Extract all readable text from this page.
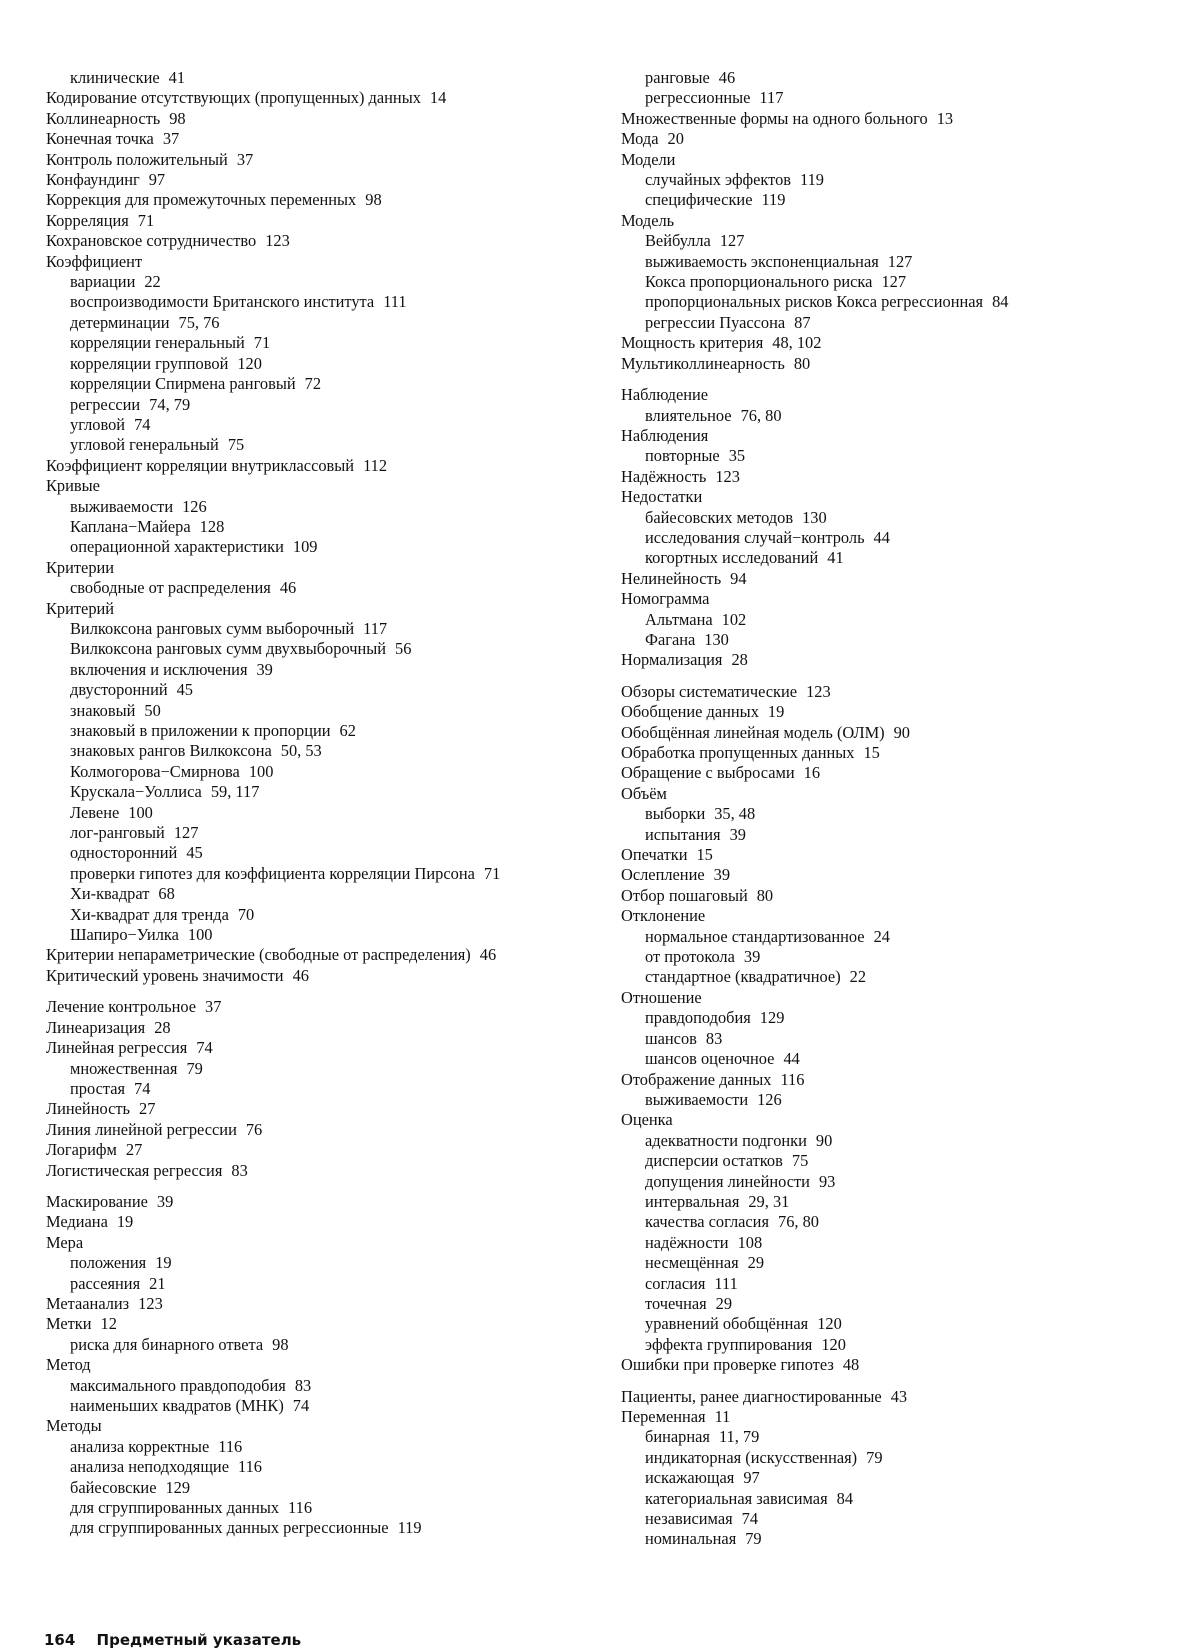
клинические 41
Кодирование отсутствующих (пропущенных) данных 14
Коллинеарность 98
Конечная точка 37
Контроль положительный 37
Конфаундинг 97
Коррекция для промежуточных переменных 98
Корреляция 71
Кохрановское сотрудничество 123
Коэффициент
вариации 22
воспроизводимости Британского института 111
детерминации 75, 76
корреляции генеральный 71
корреляции групповой 120
корреляции Спирмена ранговый 72
регрессии 74, 79
угловой 74
угловой генеральный 75
Коэффициент корреляции внутриклассовый 112
Кривые
выживаемости 126
Каплана−Майера 128
операционной характеристики 109
Критерии
свободные от распределения 46
Критерий
Вилкоксона ранговых сумм выборочный 117
Вилкоксона ранговых сумм двухвыборочный 56
включения и исключения 39
двусторонний 45
знаковый 50
знаковый в приложении к пропорции 62
знаковых рангов Вилкоксона 50, 53
Колмогорова−Смирнова 100
Крускала−Уоллиса 59, 117
Левене 100
лог-ранговый 127
односторонний 45
проверки гипотез для коэффициента корреляции Пирсона 71
Хи-квадрат 68
Хи-квадрат для тренда 70
Шапиро−Уилка 100
Критерии непараметрические (свободные от распределения) 46
Критический уровень значимости 46
Лечение контрольное 37
Линеаризация 28
Линейная регрессия 74
множественная 79
простая 74
Линейность 27
Линия линейной регрессии 76
Логарифм 27
Логистическая регрессия 83
Маскирование 39
Медиана 19
Мера
положения 19
рассеяния 21
Метаанализ 123
Метки 12
риска для бинарного ответа 98
Метод
максимального правдоподобия 83
наименьших квадратов (МНК) 74
Методы
анализа корректные 116
анализа неподходящие 116
байесовские 129
для сгруппированных данных 116
для сгруппированных данных регрессионные 119
ранговые 46
регрессионные 117
Множественные формы на одного больного 13
Мода 20
Модели
случайных эффектов 119
специфические 119
Модель
Вейбулла 127
выживаемость экспоненциальная 127
Кокса пропорционального риска 127
пропорциональных рисков Кокса регрессионная 84
регрессии Пуассона 87
Мощность критерия 48, 102
Мультиколлинеарность 80
Наблюдение
влиятельное 76, 80
Наблюдения
повторные 35
Надёжность 123
Недостатки
байесовских методов 130
исследования случай−контроль 44
когортных исследований 41
Нелинейность 94
Номограмма
Альтмана 102
Фагана 130
Нормализация 28
Обзоры систематические 123
Обобщение данных 19
Обобщённая линейная модель (ОЛМ) 90
Обработка пропущенных данных 15
Обращение с выбросами 16
Объём
выборки 35, 48
испытания 39
Опечатки 15
Ослепление 39
Отбор пошаговый 80
Отклонение
нормальное стандартизованное 24
от протокола 39
стандартное (квадратичное) 22
Отношение
правдоподобия 129
шансов 83
шансов оценочное 44
Отображение данных 116
выживаемости 126
Оценка
адекватности подгонки 90
дисперсии остатков 75
допущения линейности 93
интервальная 29, 31
качества согласия 76, 80
надёжности 108
несмещённая 29
согласия 111
точечная 29
уравнений обобщённая 120
эффекта группирования 120
Ошибки при проверке гипотез 48
Пациенты, ранее диагностированные 43
Переменная 11
бинарная 11, 79
индикаторная (искусственная) 79
искажающая 97
категориальная зависимая 84
независимая 74
номинальная 79
164 Предметный указатель
